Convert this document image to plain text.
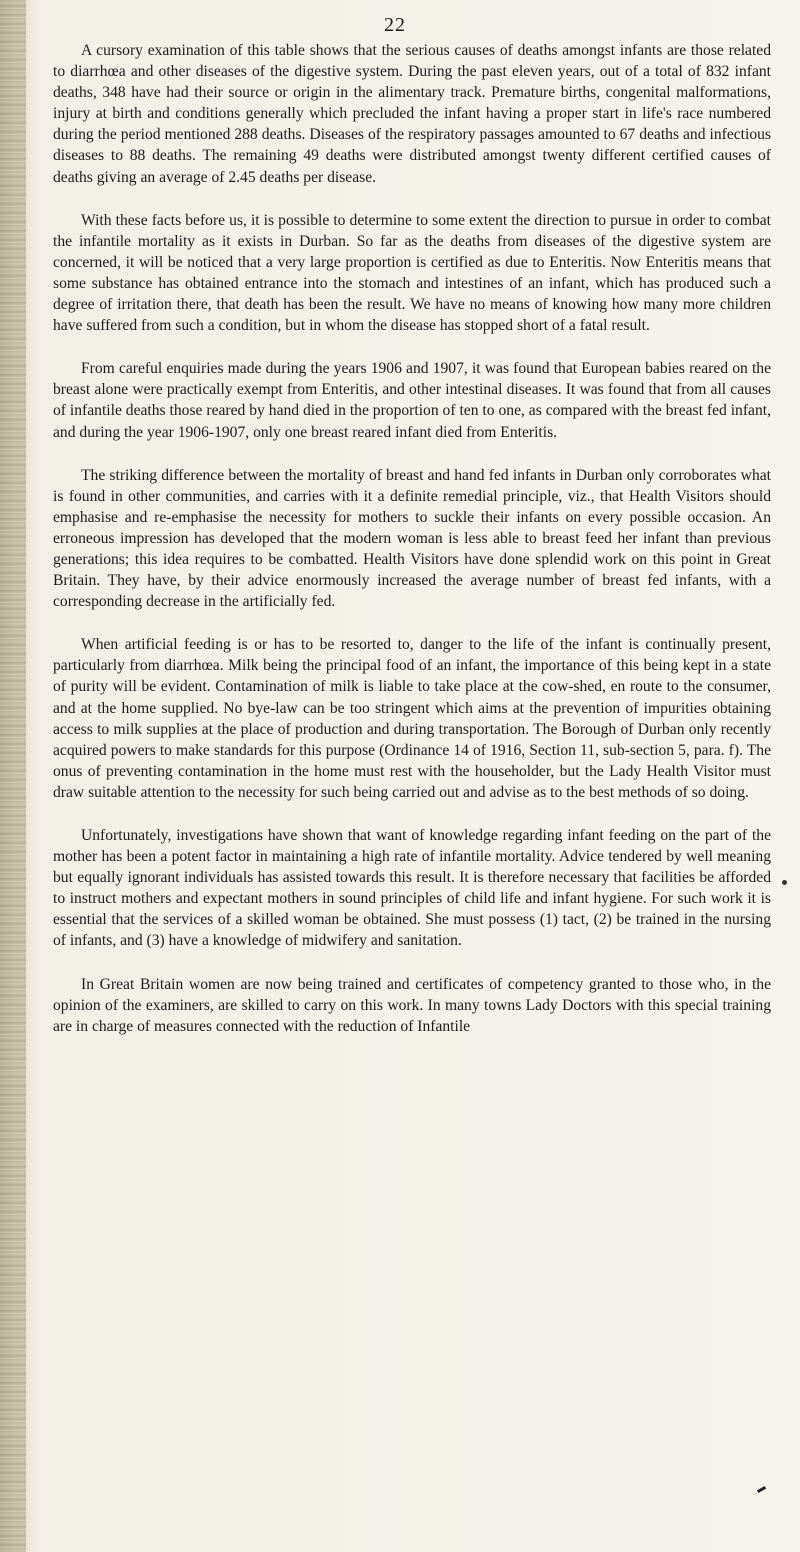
22

A cursory examination of this table shows that the serious causes of deaths amongst infants are those related to diarrhœa and other diseases of the digestive system. During the past eleven years, out of a total of 832 infant deaths, 348 have had their source or origin in the alimentary track. Premature births, congenital malformations, injury at birth and conditions generally which precluded the infant having a proper start in life's race numbered during the period mentioned 288 deaths. Diseases of the respiratory passages amounted to 67 deaths and infectious diseases to 88 deaths. The remaining 49 deaths were distributed amongst twenty different certified causes of deaths giving an average of 2.45 deaths per disease.

With these facts before us, it is possible to determine to some extent the direction to pursue in order to combat the infantile mortality as it exists in Durban. So far as the deaths from diseases of the digestive system are concerned, it will be noticed that a very large proportion is certified as due to Enteritis. Now Enteritis means that some substance has obtained entrance into the stomach and intestines of an infant, which has produced such a degree of irritation there, that death has been the result. We have no means of knowing how many more children have suffered from such a condition, but in whom the disease has stopped short of a fatal result.

From careful enquiries made during the years 1906 and 1907, it was found that European babies reared on the breast alone were practically exempt from Enteritis, and other intestinal diseases. It was found that from all causes of infantile deaths those reared by hand died in the proportion of ten to one, as compared with the breast fed infant, and during the year 1906-1907, only one breast reared infant died from Enteritis.

The striking difference between the mortality of breast and hand fed infants in Durban only corroborates what is found in other communities, and carries with it a definite remedial principle, viz., that Health Visitors should emphasise and re-emphasise the necessity for mothers to suckle their infants on every possible occasion. An erroneous impression has developed that the modern woman is less able to breast feed her infant than previous generations; this idea requires to be combatted. Health Visitors have done splendid work on this point in Great Britain. They have, by their advice enormously increased the average number of breast fed infants, with a corresponding decrease in the artificially fed.

When artificial feeding is or has to be resorted to, danger to the life of the infant is continually present, particularly from diarrhœa. Milk being the principal food of an infant, the importance of this being kept in a state of purity will be evident. Contamination of milk is liable to take place at the cow-shed, en route to the consumer, and at the home supplied. No bye-law can be too stringent which aims at the prevention of impurities obtaining access to milk supplies at the place of production and during transportation. The Borough of Durban only recently acquired powers to make standards for this purpose (Ordinance 14 of 1916, Section 11, sub-section 5, para. f). The onus of preventing contamination in the home must rest with the householder, but the Lady Health Visitor must draw suitable attention to the necessity for such being carried out and advise as to the best methods of so doing.

Unfortunately, investigations have shown that want of knowledge regarding infant feeding on the part of the mother has been a potent factor in maintaining a high rate of infantile mortality. Advice tendered by well meaning but equally ignorant individuals has assisted towards this result. It is therefore necessary that facilities be afforded to instruct mothers and expectant mothers in sound principles of child life and infant hygiene. For such work it is essential that the services of a skilled woman be obtained. She must possess (1) tact, (2) be trained in the nursing of infants, and (3) have a knowledge of midwifery and sanitation.

In Great Britain women are now being trained and certificates of competency granted to those who, in the opinion of the examiners, are skilled to carry on this work. In many towns Lady Doctors with this special training are in charge of measures connected with the reduction of Infantile
